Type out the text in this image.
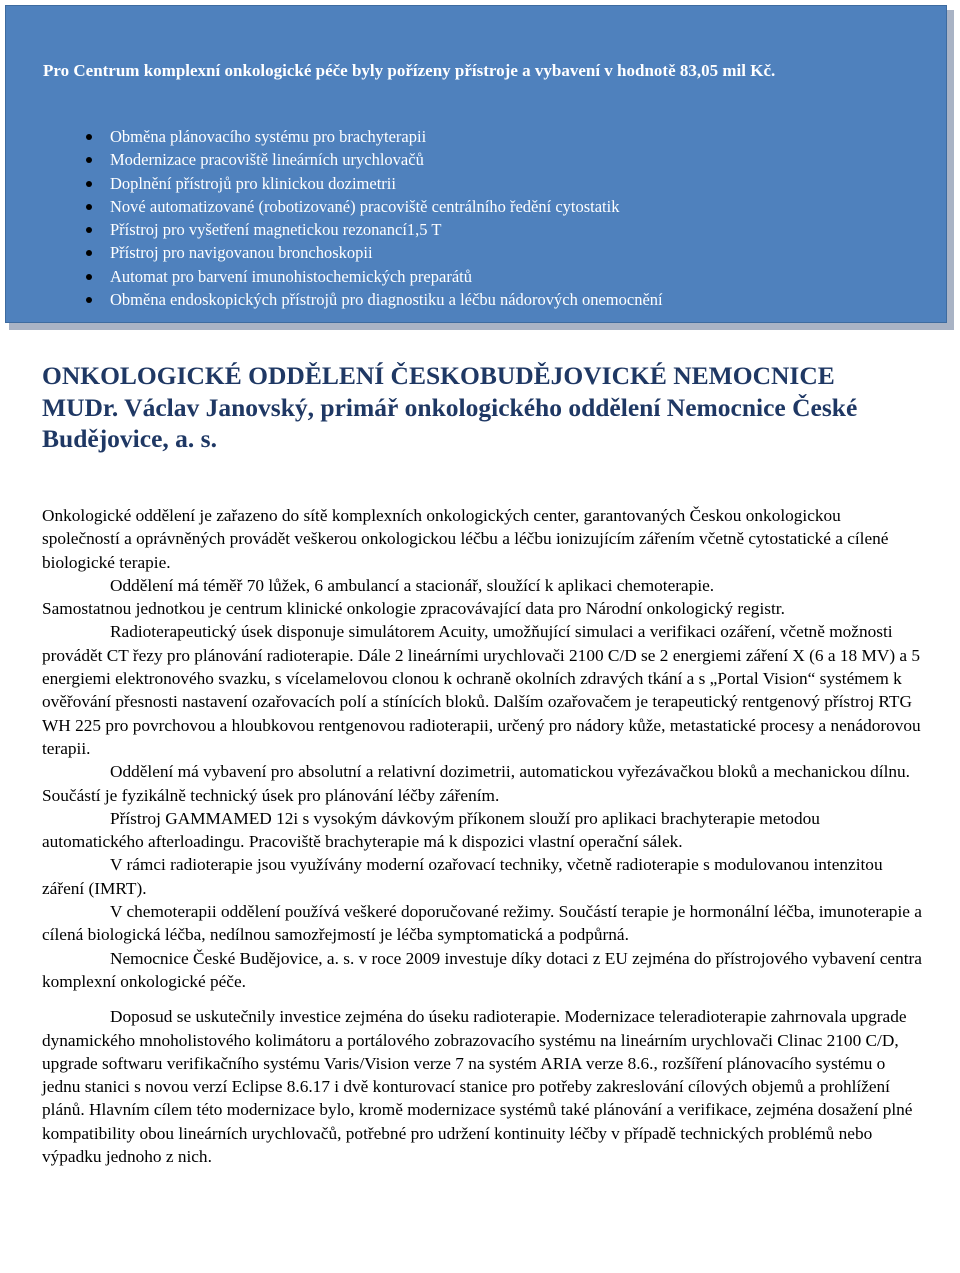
Pro Centrum komplexní onkologické péče byly pořízeny přístroje a vybavení v hodnotě 83,05 mil Kč.
Obměna plánovacího systému pro brachyterapii
Modernizace pracoviště lineárních urychlovačů
Doplnění přístrojů pro klinickou dozimetrii
Nové automatizované (robotizované) pracoviště centrálního ředění cytostatik
Přístroj pro vyšetření magnetickou rezonancí1,5 T
Přístroj pro navigovanou bronchoskopii
Automat pro barvení imunohistochemických preparátů
Obměna endoskopických přístrojů pro diagnostiku a léčbu nádorových onemocnění
ONKOLOGICKÉ ODDĚLENÍ ČESKOBUDĚJOVICKÉ NEMOCNICE
MUDr. Václav Janovský, primář onkologického oddělení Nemocnice České Budějovice, a. s.

Onkologické oddělení je zařazeno do sítě komplexních onkologických center, garantovaných Českou onkologickou společností a oprávněných provádět veškerou onkologickou léčbu a léčbu ionizujícím zářením včetně cytostatické a cílené biologické terapie.

Oddělení má téměř 70 lůžek, 6 ambulancí a stacionář, sloužící k aplikaci chemoterapie.

Samostatnou jednotkou je centrum klinické onkologie zpracovávající data pro Národní onkologický registr.

Radioterapeutický úsek disponuje simulátorem Acuity, umožňující simulaci a verifikaci ozáření, včetně možnosti provádět CT řezy pro plánování radioterapie. Dále 2 lineárními urychlovači 2100 C/D se 2 energiemi záření X (6 a 18 MV) a 5 energiemi elektronového svazku, s vícelamelovou clonou k ochraně okolních zdravých tkání a s „Portal Vision“ systémem k ověřování přesnosti nastavení ozařovacích polí a stínících bloků. Dalším ozařovačem je terapeutický rentgenový přístroj RTG WH 225 pro povrchovou a hloubkovou rentgenovou radioterapii, určený pro nádory kůže, metastatické procesy a nenádorovou terapii.

Oddělení má vybavení pro absolutní a relativní dozimetrii, automatickou vyřezávačkou bloků a mechanickou dílnu. Součástí je fyzikálně technický úsek pro plánování léčby zářením.

Přístroj GAMMAMED 12i s vysokým dávkovým příkonem slouží pro aplikaci brachyterapie metodou automatického afterloadingu. Pracoviště brachyterapie má k dispozici vlastní operační sálek.

V rámci radioterapie jsou využívány moderní ozařovací techniky, včetně radioterapie s modulovanou intenzitou záření (IMRT).

V chemoterapii oddělení používá veškeré doporučované režimy. Součástí terapie je hormonální léčba, imunoterapie a cílená biologická léčba, nedílnou samozřejmostí je léčba symptomatická a podpůrná.

Nemocnice České Budějovice, a. s. v roce 2009 investuje díky dotaci z EU zejména do přístrojového vybavení centra komplexní onkologické péče.

Doposud se uskutečnily investice zejména do úseku radioterapie. Modernizace teleradioterapie zahrnovala upgrade dynamického mnoholistového kolimátoru a portálového zobrazovacího systému na lineárním urychlovači Clinac 2100 C/D, upgrade softwaru verifikačního systému Varis/Vision verze 7 na systém ARIA verze 8.6., rozšíření plánovacího systému o jednu stanici s novou verzí Eclipse 8.6.17 i dvě konturovací stanice pro potřeby zakreslování cílových objemů a prohlížení plánů. Hlavním cílem této modernizace bylo, kromě modernizace systémů také plánování a verifikace, zejména dosažení plné kompatibility obou lineárních urychlovačů, potřebné pro udržení kontinuity léčby v případě technických problémů nebo výpadku jednoho z nich.
